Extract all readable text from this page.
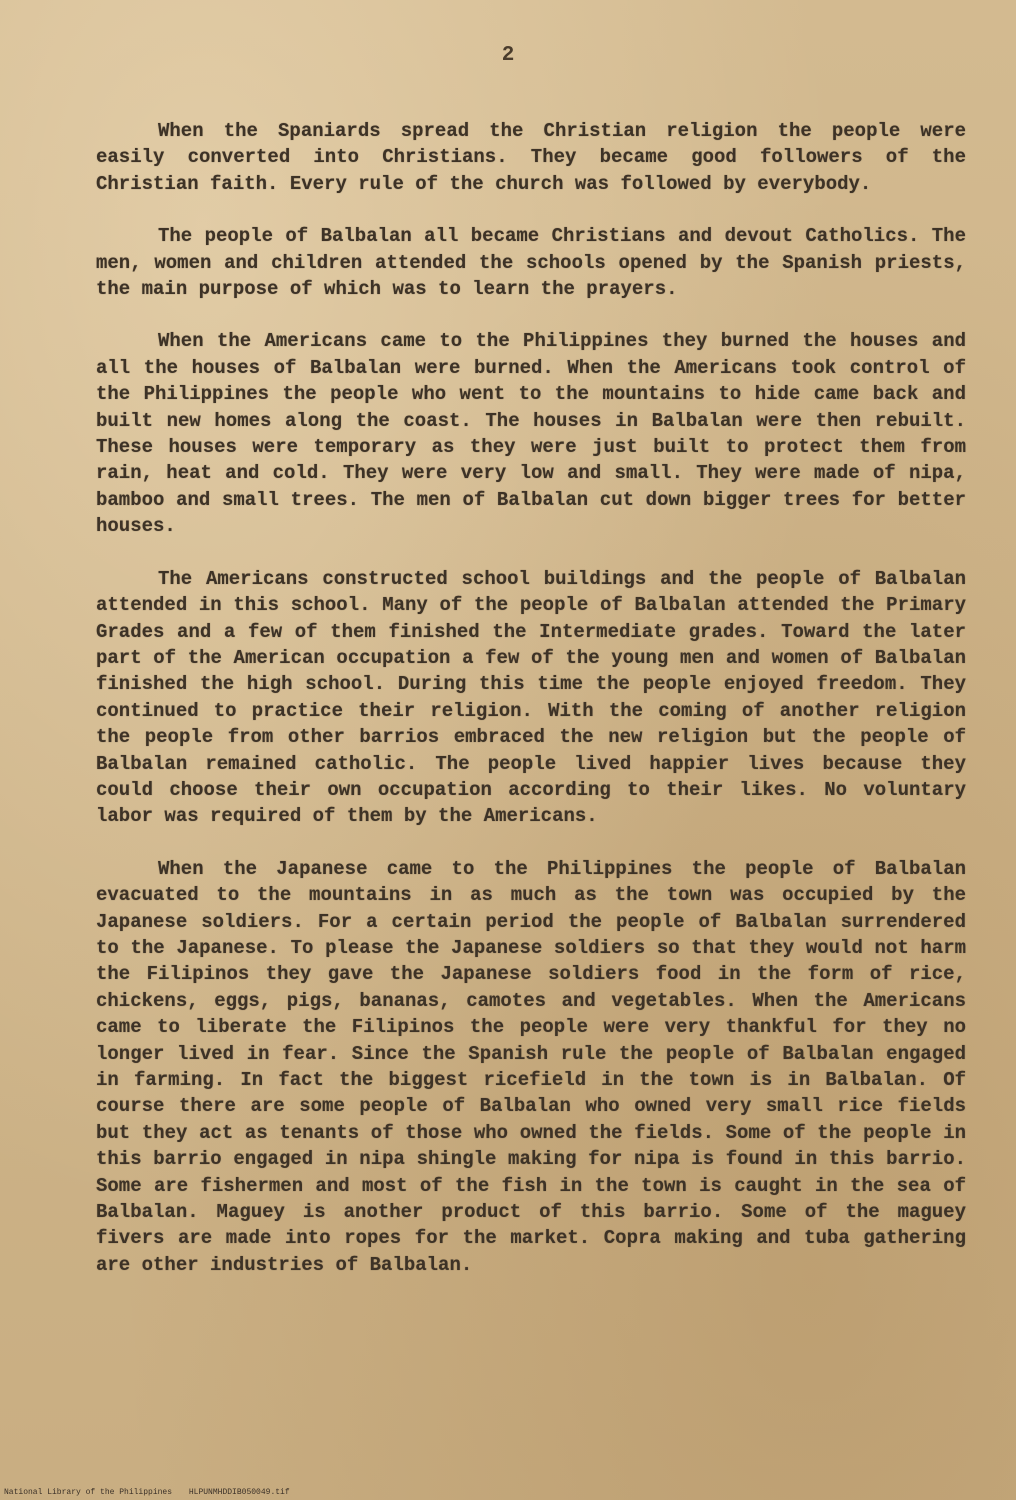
2

When the Spaniards spread the Christian religion the people were easily converted into Christians. They became good followers of the Christian faith. Every rule of the church was followed by everybody.

The people of Balbalan all became Christians and devout Catholics. The men, women and children attended the schools opened by the Spanish priests, the main purpose of which was to learn the prayers.

When the Americans came to the Philippines they burned the houses and all the houses of Balbalan were burned. When the Americans took control of the Philippines the people who went to the mountains to hide came back and built new homes along the coast. The houses in Balbalan were then rebuilt. These houses were temporary as they were just built to protect them from rain, heat and cold. They were very low and small. They were made of nipa, bamboo and small trees. The men of Balbalan cut down bigger trees for better houses.

The Americans constructed school buildings and the people of Balbalan attended in this school. Many of the people of Balbalan attended the Primary Grades and a few of them finished the Intermediate grades. Toward the later part of the American occupation a few of the young men and women of Balbalan finished the high school. During this time the people enjoyed freedom. They continued to practice their religion. With the coming of another religion the people from other barrios embraced the new religion but the people of Balbalan remained catholic. The people lived happier lives because they could choose their own occupation according to their likes. No voluntary labor was required of them by the Americans.

When the Japanese came to the Philippines the people of Balbalan evacuated to the mountains in as much as the town was occupied by the Japanese soldiers. For a certain period the people of Balbalan surrendered to the Japanese. To please the Japanese soldiers so that they would not harm the Filipinos they gave the Japanese soldiers food in the form of rice, chickens, eggs, pigs, bananas, camotes and vegetables. When the Americans came to liberate the Filipinos the people were very thankful for they no longer lived in fear. Since the Spanish rule the people of Balbalan engaged in farming. In fact the biggest ricefield in the town is in Balbalan. Of course there are some people of Balbalan who owned very small rice fields but they act as tenants of those who owned the fields. Some of the people in this barrio engaged in nipa shingle making for nipa is found in this barrio. Some are fishermen and most of the fish in the town is caught in the sea of Balbalan. Maguey is another product of this barrio. Some of the maguey fivers are made into ropes for the market. Copra making and tuba gathering are other industries of Balbalan.

National Library of the Philippines HLPUNMHDDIB050049.tif
